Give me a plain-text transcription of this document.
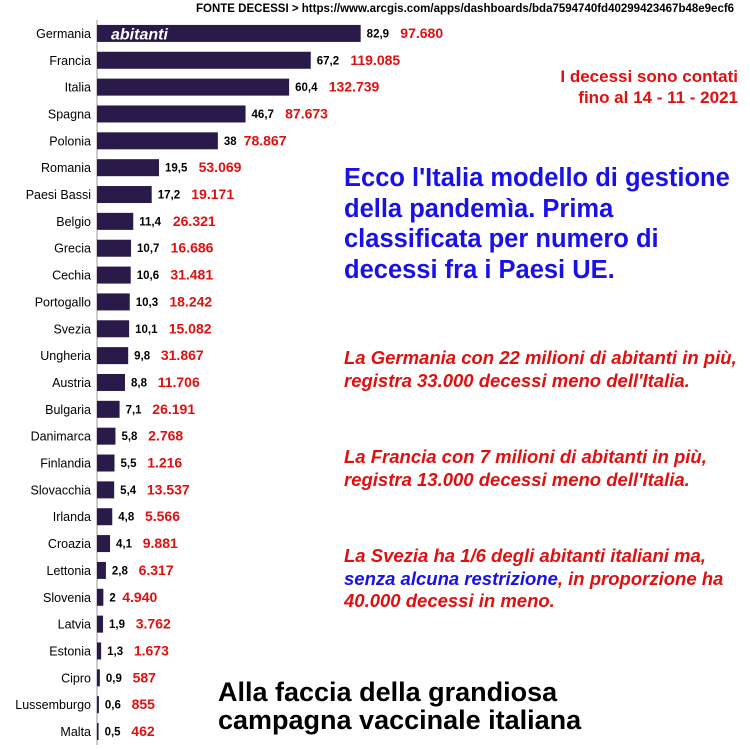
Germania	82,9 97.680
Francia	67,2 119.085
Italia	60,4 132.739
Spagna	46,7 87.673
Polonia	38 78.867
Romania	19,5 53.069
Paesi Bassi	17,2 19.171
Belgio	11,4 26.321
Grecia	10,7 16.686
Cechia	10,6 31.481
Portogallo	10,3 18.242
Svezia	10,1 15.082
Ungheria	9,8 31.867
Austria	8,8 11.706
Bulgaria	7,1 26.191
Danimarca	5,8 2.768
Finlandia	5,5 1.216
Slovacchia	5,4 13.537
Irlanda 4,8 5.566
Croazia 4,1 9.881
Lettonia 2,8 6.317
Slovenia 2 4.940
Latvia 1,9 3.762
Estonia 1,3 1.673
Cipro 0,9 587
Lussemburgo 0,6 855
Malta 0,5 462
abitanti
FONTE DECESSI > https://www.arcgis.com/apps/dashboards/bda7594740fd40299423467b48e9ecf6
I decessi sono contati
fino al 14 - 11 - 2021
Ecco l'Italia modello di gestione della pandemìa. Prima classificata per numero di decessi fra i Paesi UE.
La Germania con 22 milioni di abitanti in più, registra 33.000 decessi meno dell'Italia.
La Francia con 7 milioni di abitanti in più, registra 13.000 decessi meno dell'Italia.
La Svezia ha 1/6 degli abitanti italiani ma, senza alcuna restrizione, in proporzione ha 40.000 decessi in meno.
Alla faccia della grandiosa
campagna vaccinale italiana
